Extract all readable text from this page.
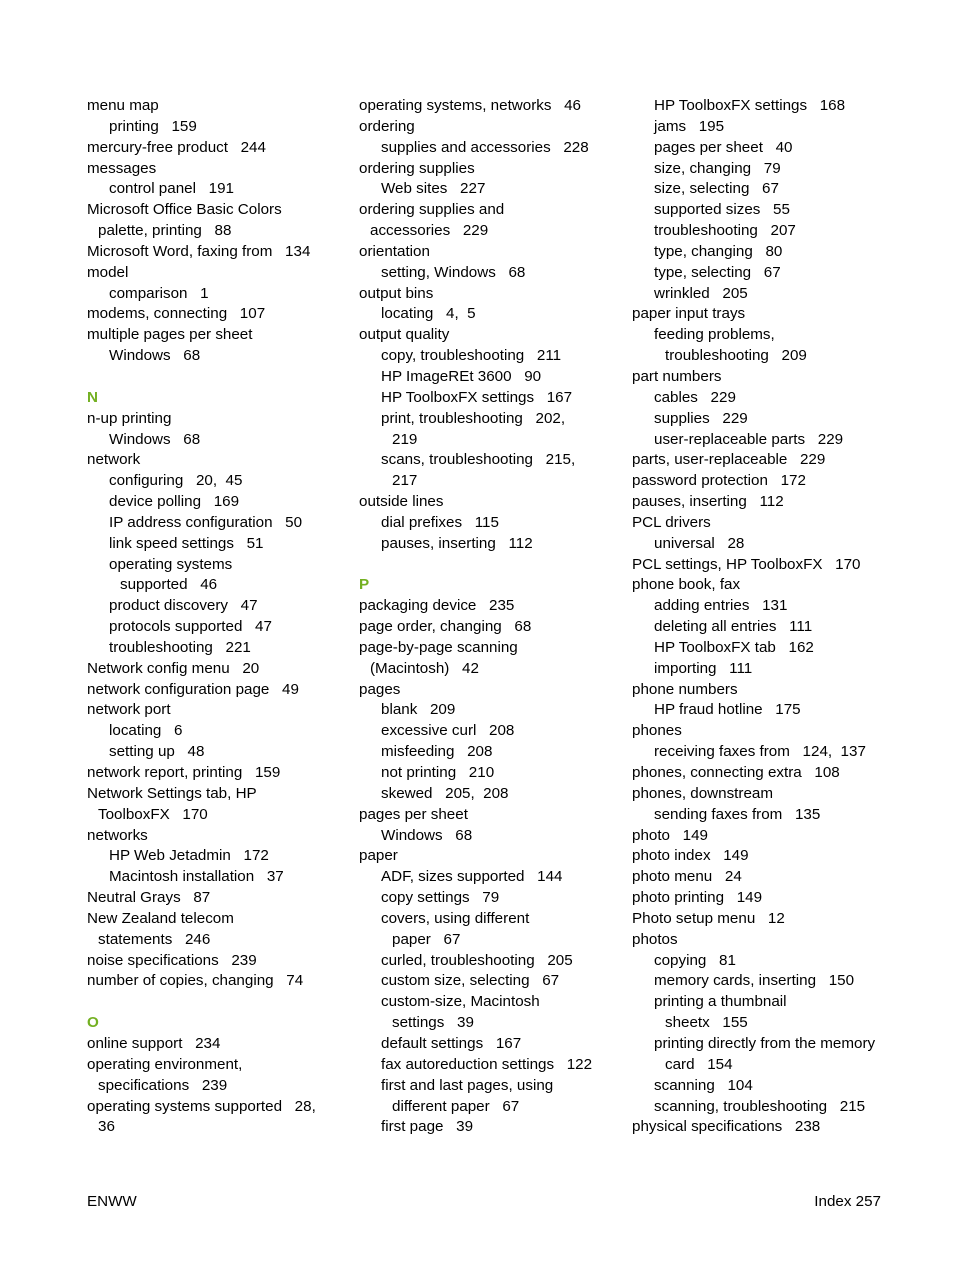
menu map
printing   159
mercury-free product   244
messages
control panel   191
Microsoft Office Basic Colors
palette, printing   88
Microsoft Word, faxing from   134
model
comparison   1
modems, connecting   107
multiple pages per sheet
Windows   68
N
n-up printing
Windows   68
network
configuring   20,  45
device polling   169
IP address configuration   50
link speed settings   51
operating systems
supported   46
product discovery   47
protocols supported   47
troubleshooting   221
Network config menu   20
network configuration page   49
network port
locating   6
setting up   48
network report, printing   159
Network Settings tab, HP
ToolboxFX   170
networks
HP Web Jetadmin   172
Macintosh installation   37
Neutral Grays   87
New Zealand telecom
statements   246
noise specifications   239
number of copies, changing   74
O
online support   234
operating environment,
specifications   239
operating systems supported   28,
36
operating systems, networks   46
ordering
supplies and accessories   228
ordering supplies
Web sites   227
ordering supplies and
accessories   229
orientation
setting, Windows   68
output bins
locating   4,  5
output quality
copy, troubleshooting   211
HP ImageREt 3600   90
HP ToolboxFX settings   167
print, troubleshooting   202,
219
scans, troubleshooting   215,
217
outside lines
dial prefixes   115
pauses, inserting   112
P
packaging device   235
page order, changing   68
page-by-page scanning
(Macintosh)   42
pages
blank   209
excessive curl   208
misfeeding   208
not printing   210
skewed   205,  208
pages per sheet
Windows   68
paper
ADF, sizes supported   144
copy settings   79
covers, using different
paper   67
curled, troubleshooting   205
custom size, selecting   67
custom-size, Macintosh
settings   39
default settings   167
fax autoreduction settings   122
first and last pages, using
different paper   67
first page   39
HP ToolboxFX settings   168
jams   195
pages per sheet   40
size, changing   79
size, selecting   67
supported sizes   55
troubleshooting   207
type, changing   80
type, selecting   67
wrinkled   205
paper input trays
feeding problems,
troubleshooting   209
part numbers
cables   229
supplies   229
user-replaceable parts   229
parts, user-replaceable   229
password protection   172
pauses, inserting   112
PCL drivers
universal   28
PCL settings, HP ToolboxFX   170
phone book, fax
adding entries   131
deleting all entries   111
HP ToolboxFX tab   162
importing   111
phone numbers
HP fraud hotline   175
phones
receiving faxes from   124,  137
phones, connecting extra   108
phones, downstream
sending faxes from   135
photo   149
photo index   149
photo menu   24
photo printing   149
Photo setup menu   12
photos
copying   81
memory cards, inserting   150
printing a thumbnail
sheetx   155
printing directly from the memory
card   154
scanning   104
scanning, troubleshooting   215
physical specifications   238
ENWW	Index 257
